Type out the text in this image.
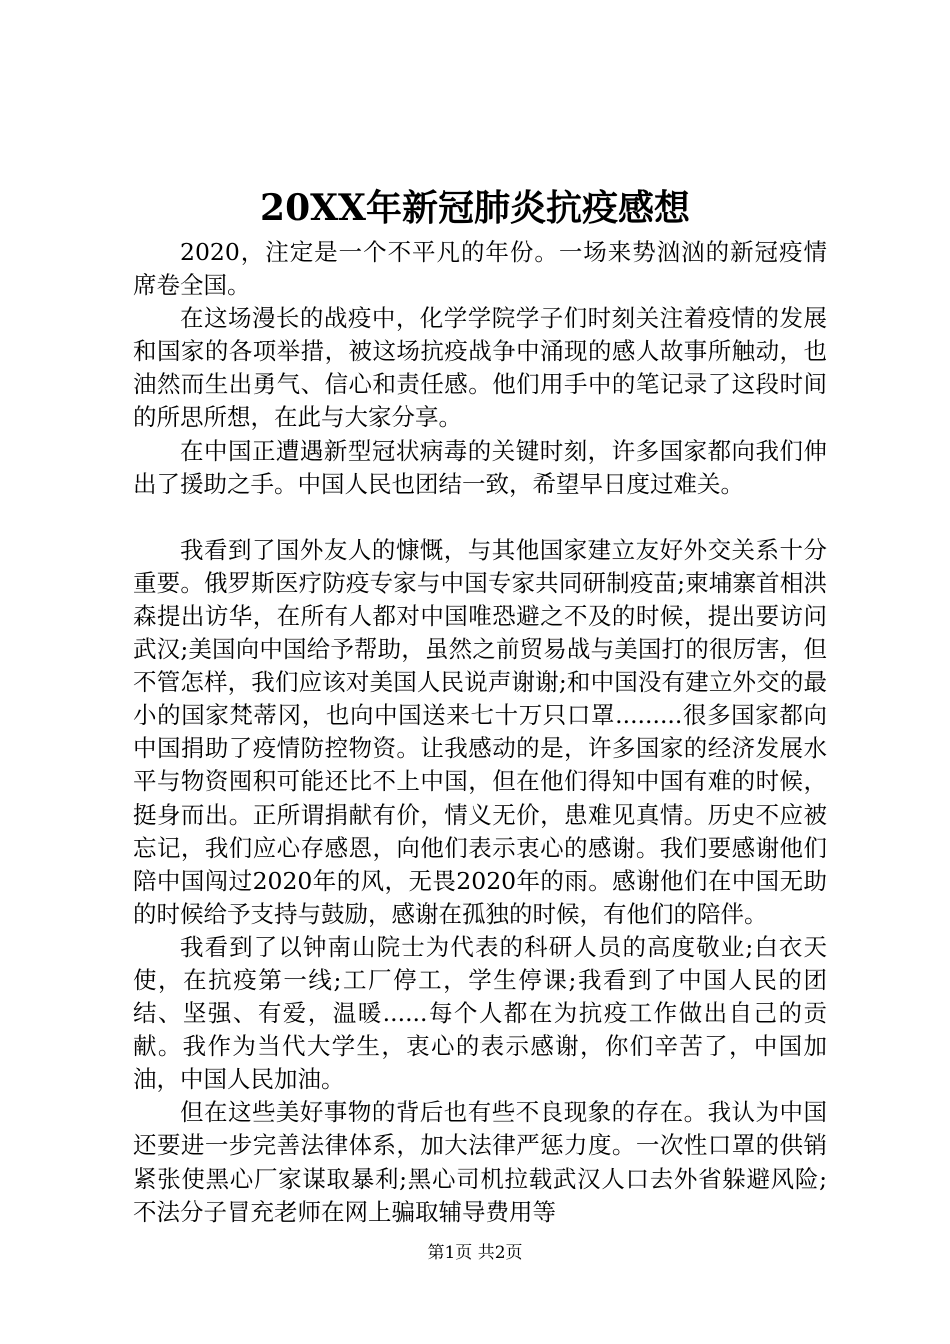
20XX年新冠肺炎抗疫感想

2020，注定是一个不平凡的年份。一场来势汹汹的新冠疫情席卷全国。

在这场漫长的战疫中，化学学院学子们时刻关注着疫情的发展和国家的各项举措，被这场抗疫战争中涌现的感人故事所触动，也油然而生出勇气、信心和责任感。他们用手中的笔记录了这段时间的所思所想，在此与大家分享。

在中国正遭遇新型冠状病毒的关键时刻，许多国家都向我们伸出了援助之手。中国人民也团结一致，希望早日度过难关。

我看到了国外友人的慷慨，与其他国家建立友好外交关系十分重要。俄罗斯医疗防疫专家与中国专家共同研制疫苗;柬埔寨首相洪森提出访华，在所有人都对中国唯恐避之不及的时候，提出要访问武汉;美国向中国给予帮助，虽然之前贸易战与美国打的很厉害，但不管怎样，我们应该对美国人民说声谢谢;和中国没有建立外交的最小的国家梵蒂冈，也向中国送来七十万只口罩.........很多国家都向中国捐助了疫情防控物资。让我感动的是，许多国家的经济发展水平与物资囤积可能还比不上中国，但在他们得知中国有难的时候，挺身而出。正所谓捐献有价，情义无价，患难见真情。历史不应被忘记，我们应心存感恩，向他们表示衷心的感谢。我们要感谢他们陪中国闯过2020年的风，无畏2020年的雨。感谢他们在中国无助的时候给予支持与鼓励，感谢在孤独的时候，有他们的陪伴。

我看到了以钟南山院士为代表的科研人员的高度敬业;白衣天使，在抗疫第一线;工厂停工，学生停课;我看到了中国人民的团结、坚强、有爱，温暖......每个人都在为抗疫工作做出自己的贡献。我作为当代大学生，衷心的表示感谢，你们辛苦了，中国加油，中国人民加油。

但在这些美好事物的背后也有些不良现象的存在。我认为中国还要进一步完善法律体系，加大法律严惩力度。一次性口罩的供销紧张使黑心厂家谋取暴利;黑心司机拉载武汉人口去外省躲避风险;不法分子冒充老师在网上骗取辅导费用等

第1页 共2页
